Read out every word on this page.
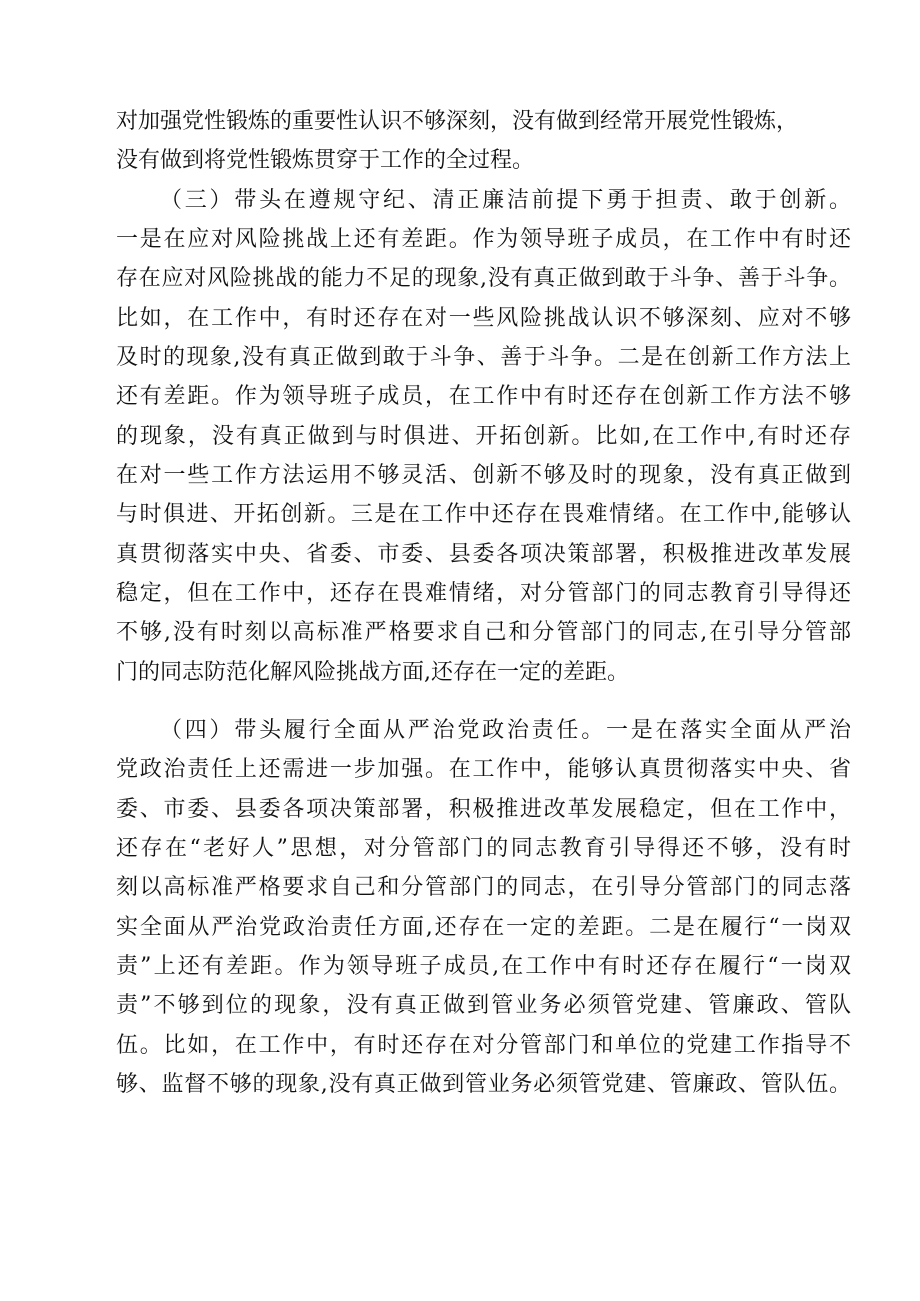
对加强党性锻炼的重要性认识不够深刻，没有做到经常开展党性锻炼，
没有做到将党性锻炼贯穿于工作的全过程。
（三）带头在遵规守纪、清正廉洁前提下勇于担责、敢于创新。
一是在应对风险挑战上还有差距。作为领导班子成员，在工作中有时还
存在应对风险挑战的能力不足的现象,没有真正做到敢于斗争、善于斗争。
比如，在工作中，有时还存在对一些风险挑战认识不够深刻、应对不够
及时的现象,没有真正做到敢于斗争、善于斗争。二是在创新工作方法上
还有差距。作为领导班子成员，在工作中有时还存在创新工作方法不够
的现象，没有真正做到与时俱进、开拓创新。比如,在工作中,有时还存
在对一些工作方法运用不够灵活、创新不够及时的现象，没有真正做到
与时俱进、开拓创新。三是在工作中还存在畏难情绪。在工作中,能够认
真贯彻落实中央、省委、市委、县委各项决策部署，积极推进改革发展
稳定，但在工作中，还存在畏难情绪，对分管部门的同志教育引导得还
不够,没有时刻以高标准严格要求自己和分管部门的同志,在引导分管部
门的同志防范化解风险挑战方面,还存在一定的差距。
（四）带头履行全面从严治党政治责任。一是在落实全面从严治
党政治责任上还需进一步加强。在工作中，能够认真贯彻落实中央、省
委、市委、县委各项决策部署，积极推进改革发展稳定，但在工作中，
还存在“老好人”思想，对分管部门的同志教育引导得还不够，没有时
刻以高标准严格要求自己和分管部门的同志，在引导分管部门的同志落
实全面从严治党政治责任方面,还存在一定的差距。二是在履行“一岗双
责”上还有差距。作为领导班子成员,在工作中有时还存在履行“一岗双
责”不够到位的现象，没有真正做到管业务必须管党建、管廉政、管队
伍。比如，在工作中，有时还存在对分管部门和单位的党建工作指导不
够、监督不够的现象,没有真正做到管业务必须管党建、管廉政、管队伍。
